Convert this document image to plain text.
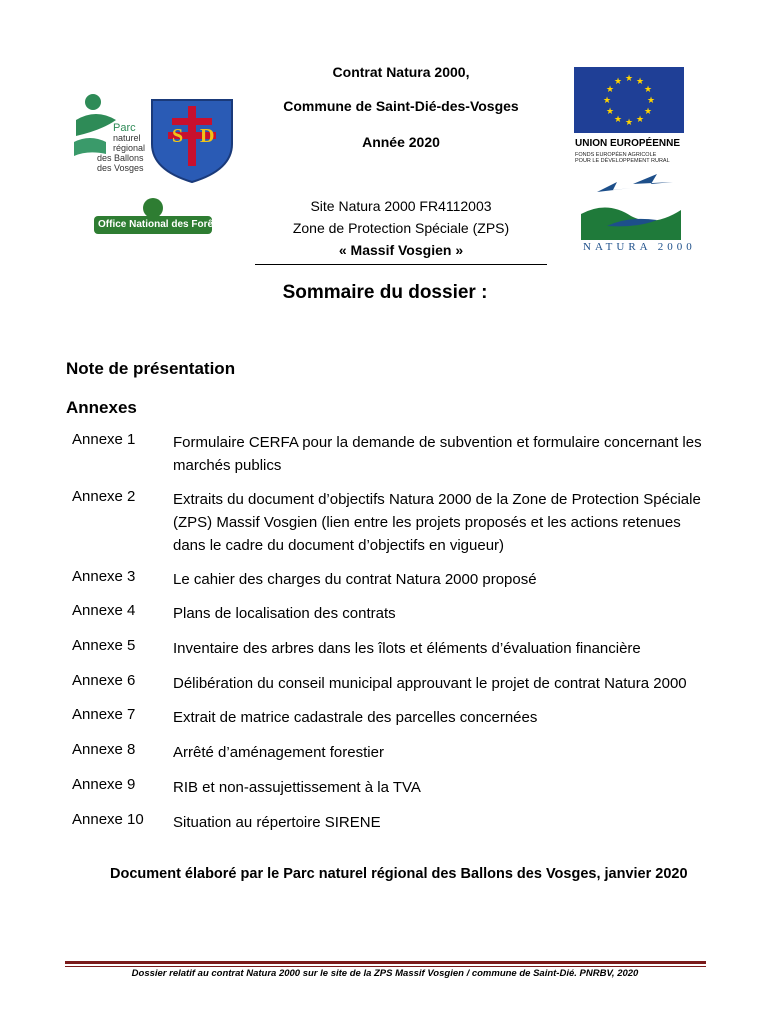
Contrat Natura 2000,
Commune de Saint-Dié-des-Vosges
Année 2020
Site Natura 2000 FR4112003
Zone de Protection Spéciale (ZPS)
« Massif Vosgien »
Parc
naturel
régional
des Ballons
des Vosges
S D
Office National des Forêts
★ ★
★
★
★
★
★
★
★
★
★
★
UNION EUROPÉENNE
FONDS EUROPÉEN AGRICOLE
POUR LE DÉVELOPPEMENT RURAL
NATURA 2000
Sommaire du dossier :
Note de présentation
Annexes
Annexe 1	Formulaire CERFA pour la demande de subvention et formulaire concernant les
marchés publics
Annexe 2	Extraits du document d’objectifs Natura 2000 de la Zone de Protection Spéciale
(ZPS) Massif Vosgien (lien entre les projets proposés et les actions retenues
dans le cadre du document d’objectifs en vigueur)
Annexe 3	Le cahier des charges du contrat Natura 2000 proposé
Annexe 4	Plans de localisation des contrats
Annexe 5	Inventaire des arbres dans les îlots et éléments d’évaluation financière
Annexe 6	Délibération du conseil municipal approuvant le projet de contrat Natura 2000
Annexe 7	Extrait de matrice cadastrale des parcelles concernées
Annexe 8	Arrêté d’aménagement forestier
Annexe 9	RIB et non-assujettissement à la TVA
Annexe 10 Situation au répertoire SIRENE
Document élaboré par le Parc naturel régional des Ballons des Vosges, janvier 2020
Dossier relatif au contrat Natura 2000 sur le site de la ZPS Massif Vosgien / commune de Saint-Dié. PNRBV, 2020
